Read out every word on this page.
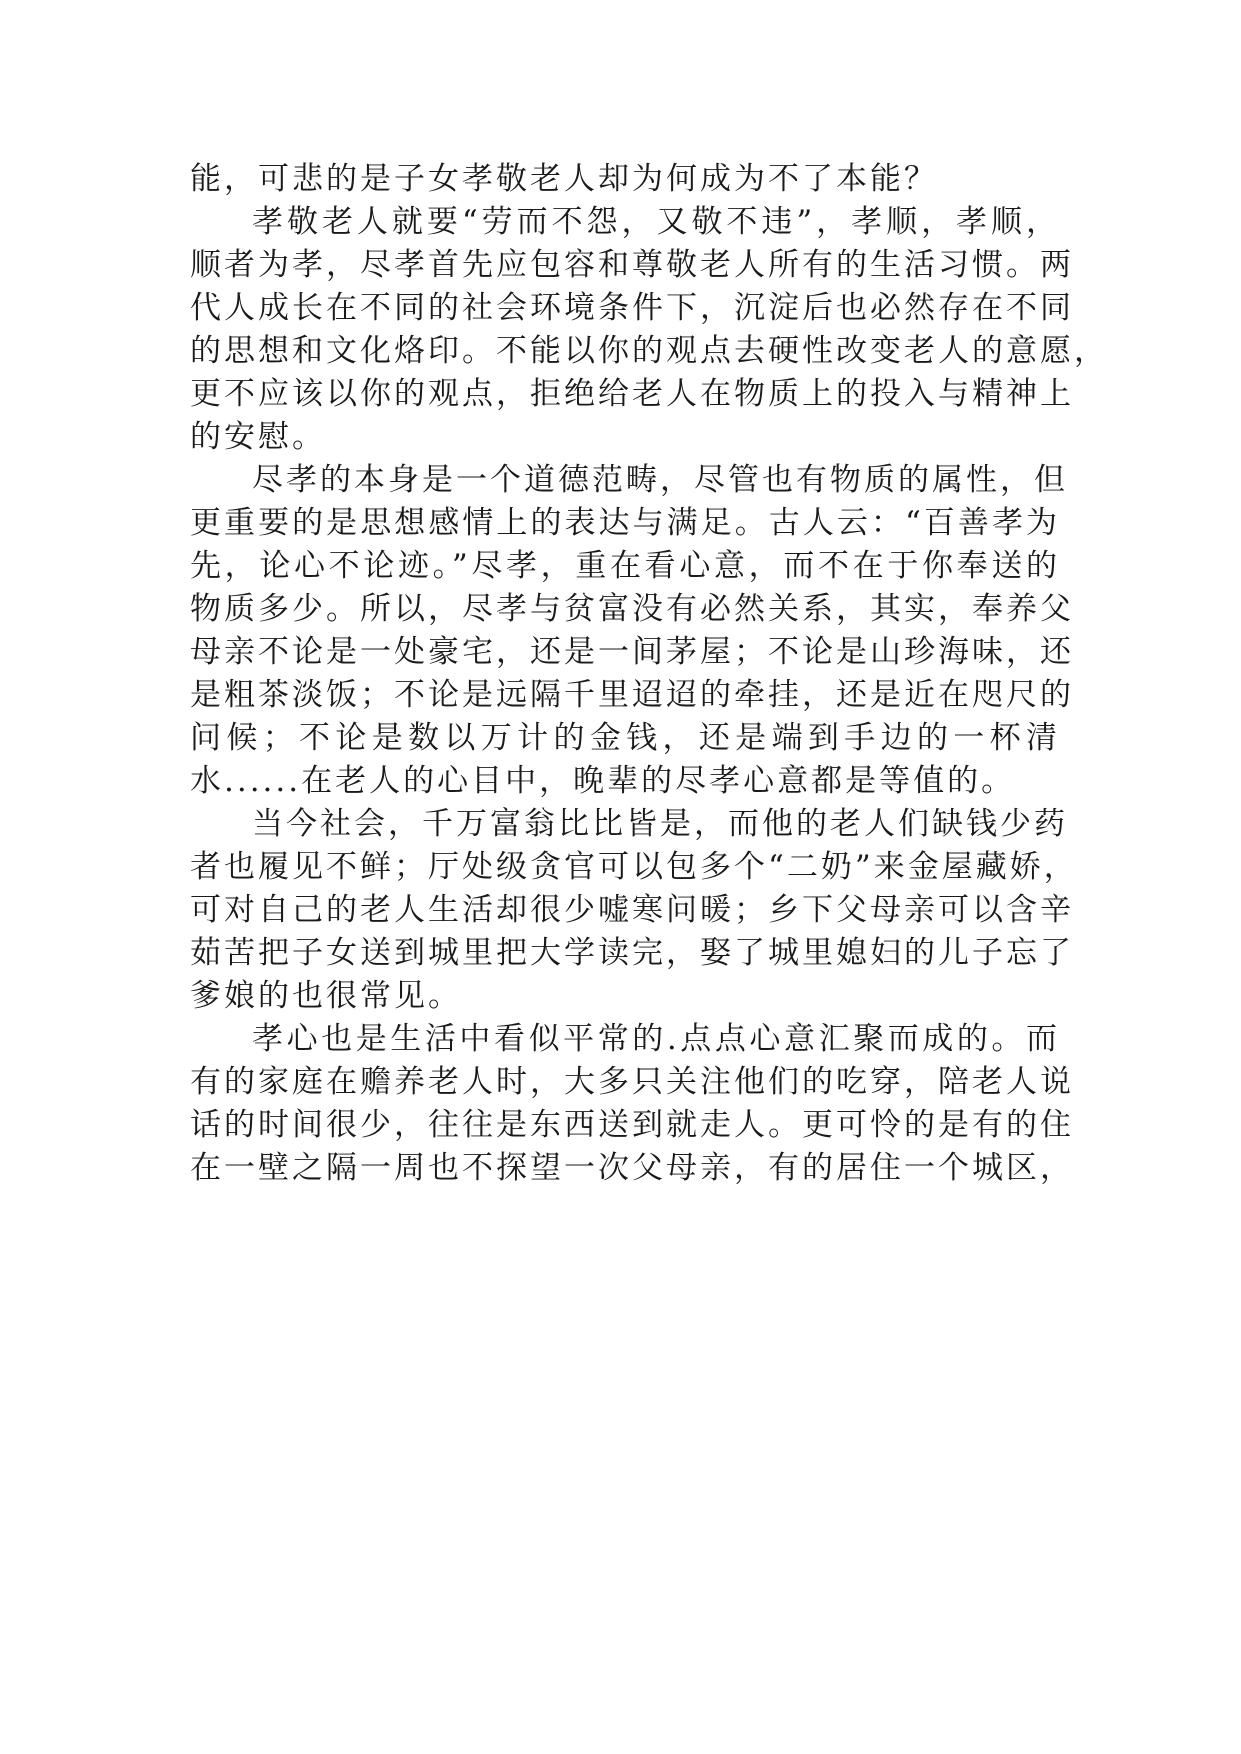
能，可悲的是子女孝敬老人却为何成为不了本能？
孝敬老人就要“劳而不怨，又敬不违”，孝顺，孝顺，
顺者为孝，尽孝首先应包容和尊敬老人所有的生活习惯。两
代人成长在不同的社会环境条件下，沉淀后也必然存在不同
的思想和文化烙印。不能以你的观点去硬性改变老人的意愿，
更不应该以你的观点，拒绝给老人在物质上的投入与精神上
的安慰。
尽孝的本身是一个道德范畴，尽管也有物质的属性，但
更重要的是思想感情上的表达与满足。古人云：“百善孝为
先，论心不论迹。”尽孝，重在看心意，而不在于你奉送的
物质多少。所以，尽孝与贫富没有必然关系，其实，奉养父
母亲不论是一处豪宅，还是一间茅屋；不论是山珍海味，还
是粗茶淡饭；不论是远隔千里迢迢的牵挂，还是近在咫尺的
问候；不论是数以万计的金钱，还是端到手边的一杯清
水......在老人的心目中，晚辈的尽孝心意都是等值的。
当今社会，千万富翁比比皆是，而他的老人们缺钱少药
者也履见不鲜；厅处级贪官可以包多个“二奶”来金屋藏娇，
可对自己的老人生活却很少嘘寒问暖；乡下父母亲可以含辛
茹苦把子女送到城里把大学读完，娶了城里媳妇的儿子忘了
爹娘的也很常见。
孝心也是生活中看似平常的.点点心意汇聚而成的。而
有的家庭在赡养老人时，大多只关注他们的吃穿，陪老人说
话的时间很少，往往是东西送到就走人。更可怜的是有的住
在一壁之隔一周也不探望一次父母亲，有的居住一个城区，
